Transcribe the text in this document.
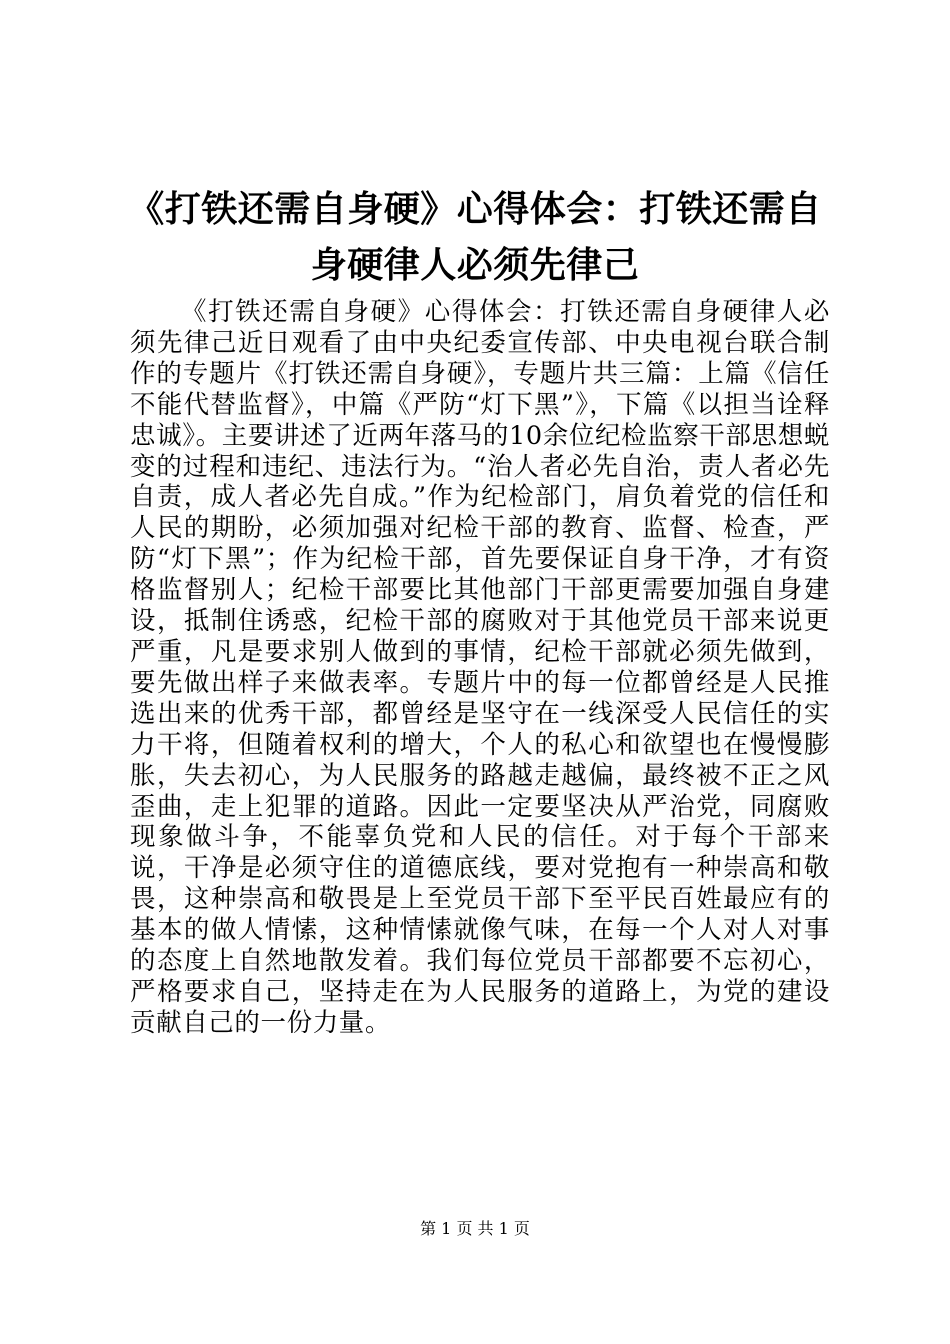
《打铁还需自身硬》心得体会：打铁还需自身硬律人必须先律己

《打铁还需自身硬》心得体会：打铁还需自身硬律人必须先律己近日观看了由中央纪委宣传部、中央电视台联合制作的专题片《打铁还需自身硬》，专题片共三篇：上篇《信任不能代替监督》，中篇《严防“灯下黑”》，下篇《以担当诠释忠诚》。主要讲述了近两年落马的10余位纪检监察干部思想蜕变的过程和违纪、违法行为。“治人者必先自治，责人者必先自责，成人者必先自成。”作为纪检部门，肩负着党的信任和人民的期盼，必须加强对纪检干部的教育、监督、检查，严防“灯下黑”；作为纪检干部，首先要保证自身干净，才有资格监督别人；纪检干部要比其他部门干部更需要加强自身建设，抵制住诱惑，纪检干部的腐败对于其他党员干部来说更严重，凡是要求别人做到的事情，纪检干部就必须先做到，要先做出样子来做表率。专题片中的每一位都曾经是人民推选出来的优秀干部，都曾经是坚守在一线深受人民信任的实力干将，但随着权利的增大，个人的私心和欲望也在慢慢膨胀，失去初心，为人民服务的路越走越偏，最终被不正之风歪曲，走上犯罪的道路。因此一定要坚决从严治党，同腐败现象做斗争，不能辜负党和人民的信任。对于每个干部来说，干净是必须守住的道德底线，要对党抱有一种崇高和敬畏，这种崇高和敬畏是上至党员干部下至平民百姓最应有的基本的做人情愫，这种情愫就像气味，在每一个人对人对事的态度上自然地散发着。我们每位党员干部都要不忘初心，严格要求自己，坚持走在为人民服务的道路上，为党的建设贡献自己的一份力量。

第 1 页 共 1 页
